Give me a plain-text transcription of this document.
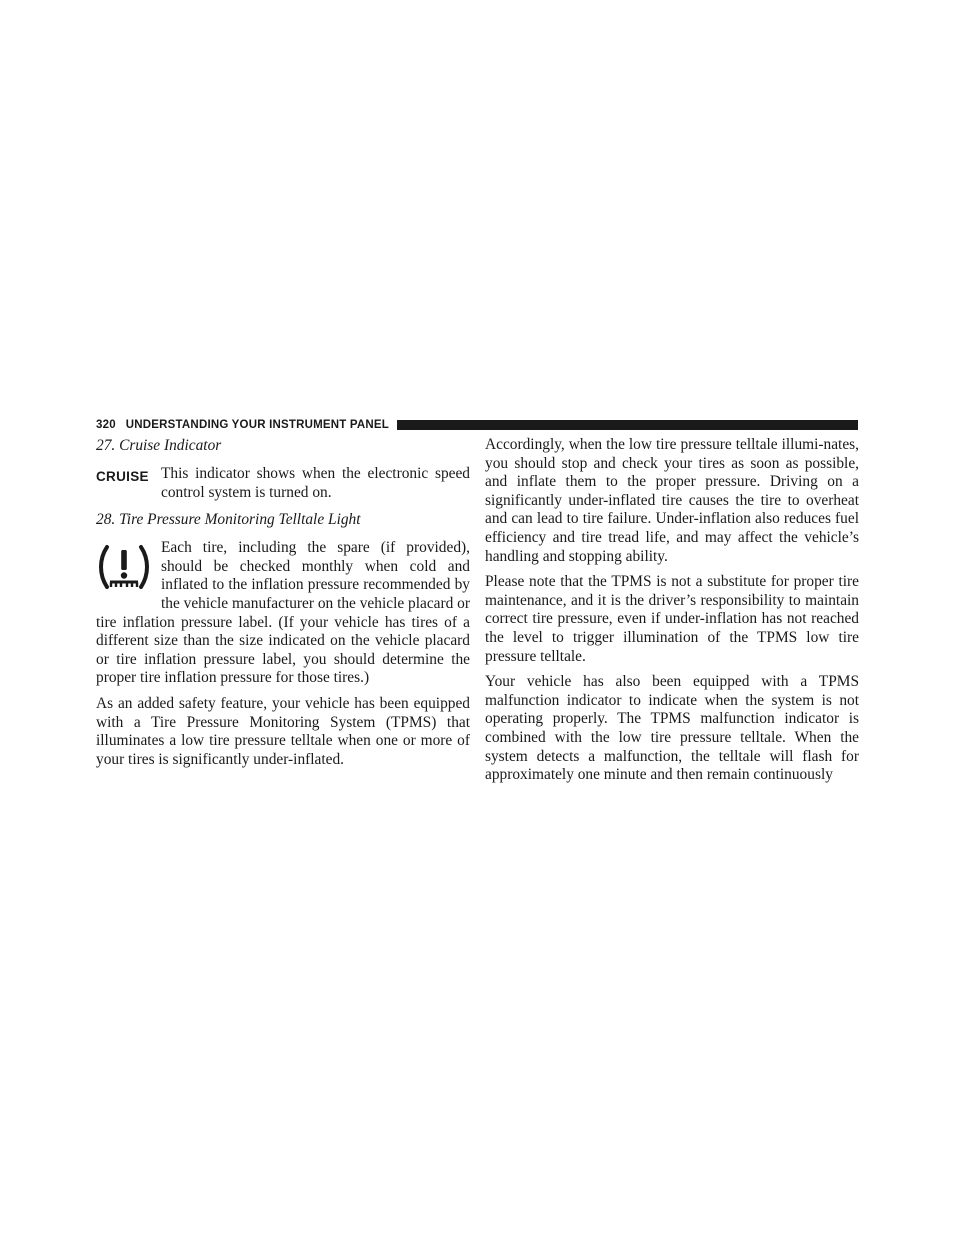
320 UNDERSTANDING YOUR INSTRUMENT PANEL
27. Cruise Indicator
CRUISE This indicator shows when the electronic speed control system is turned on.
28. Tire Pressure Monitoring Telltale Light

Each tire, including the spare (if provided), should be checked monthly when cold and inflated to the inflation pressure recommended by the vehicle manufacturer on the vehicle placard or tire inflation pressure label. (If your vehicle has tires of a different size than the size indicated on the vehicle placard or tire inflation pressure label, you should determine the proper tire inflation pressure for those tires.)

As an added safety feature, your vehicle has been equipped with a Tire Pressure Monitoring System (TPMS) that illuminates a low tire pressure telltale when one or more of your tires is significantly under-inflated.

Accordingly, when the low tire pressure telltale illumi-nates, you should stop and check your tires as soon as possible, and inflate them to the proper pressure. Driving on a significantly under-inflated tire causes the tire to overheat and can lead to tire failure. Under-inflation also reduces fuel efficiency and tire tread life, and may affect the vehicle’s handling and stopping ability.

Please note that the TPMS is not a substitute for proper tire maintenance, and it is the driver’s responsibility to maintain correct tire pressure, even if under-inflation has not reached the level to trigger illumination of the TPMS low tire pressure telltale.

Your vehicle has also been equipped with a TPMS malfunction indicator to indicate when the system is not operating properly. The TPMS malfunction indicator is combined with the low tire pressure telltale. When the system detects a malfunction, the telltale will flash for approximately one minute and then remain continuously
